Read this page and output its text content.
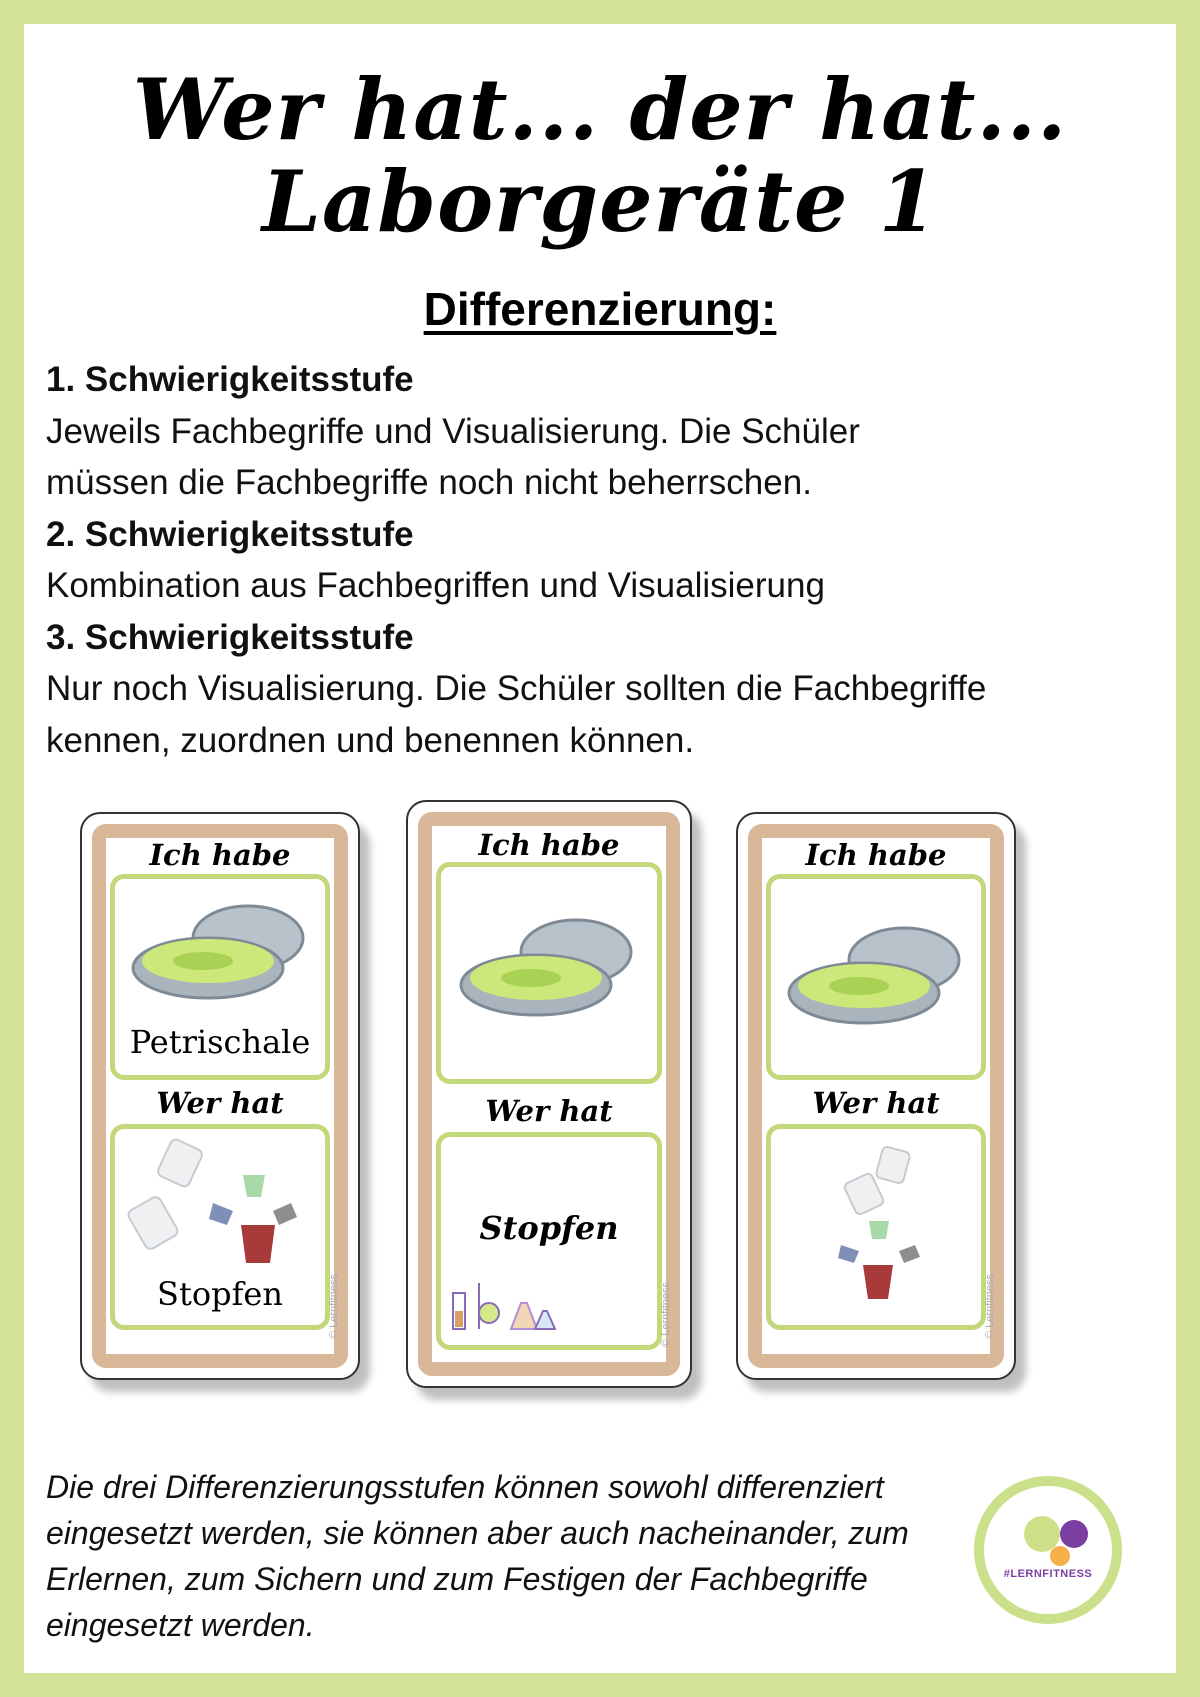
Wer hat... der hat...
Laborgeräte 1
Differenzierung:
1. Schwierigkeitsstufe
Jeweils Fachbegriffe und Visualisierung. Die Schüler müssen die Fachbegriffe noch nicht beherrschen.
2. Schwierigkeitsstufe
Kombination aus Fachbegriffen und Visualisierung
3. Schwierigkeitsstufe
Nur noch Visualisierung. Die Schüler sollten die Fachbegriffe kennen, zuordnen und benennen können.
Ich habe
Petrischale
Wer hat
Stopfen	© Lernfitness
Ich habe
Wer hat
Stopfen
© Lernfitness
Ich habe
Wer hat
© Lernfitness
Die drei Differenzierungsstufen können sowohl differenziert eingesetzt werden, sie können aber auch nacheinander, zum Erlernen, zum Sichern und zum Festigen der Fachbegriffe eingesetzt werden.
#LERNFITNESS
